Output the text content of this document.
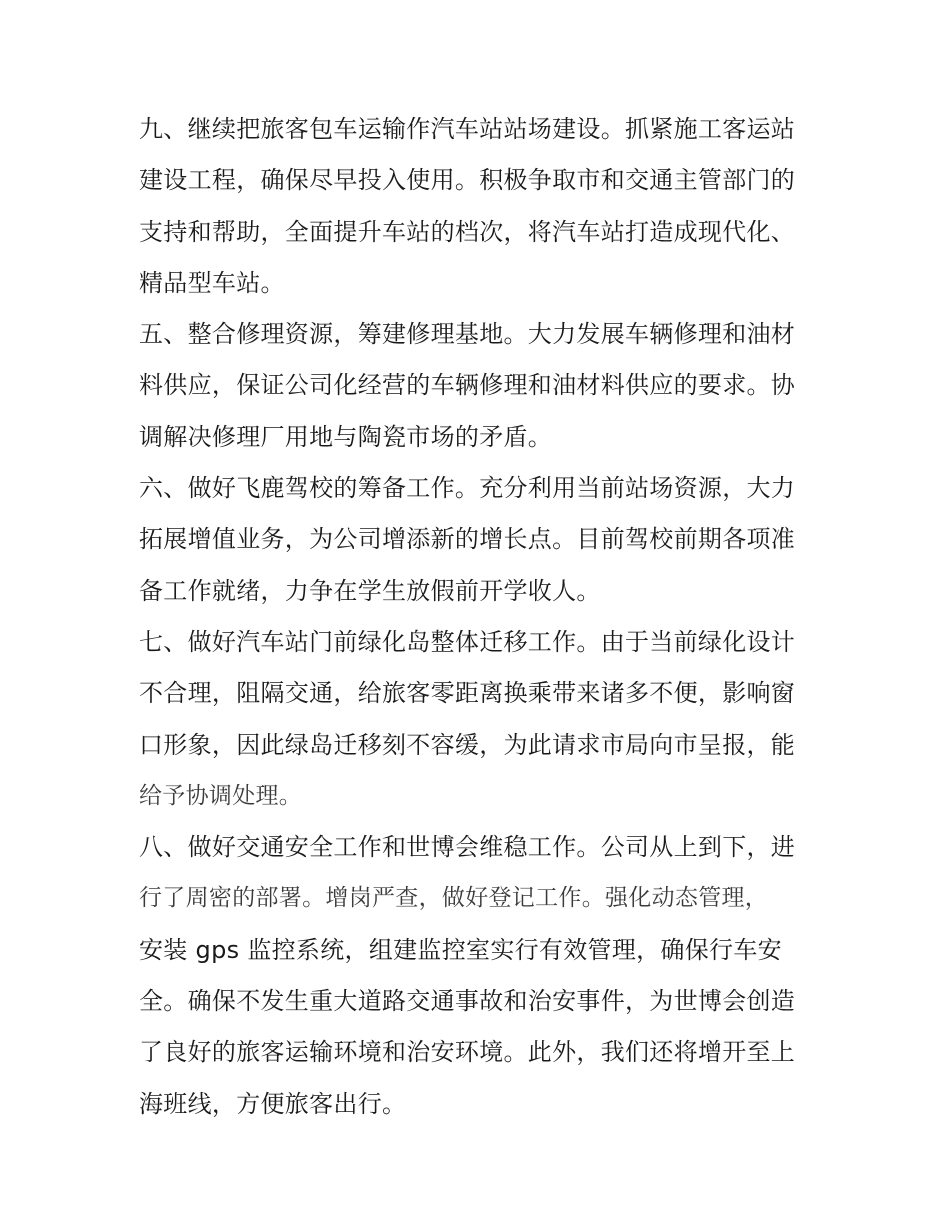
九、继续把旅客包车运输作汽车站站场建设。抓紧施工客运站
建设工程，确保尽早投入使用。积极争取市和交通主管部门的
支持和帮助，全面提升车站的档次，将汽车站打造成现代化、
精品型车站。
五、整合修理资源，筹建修理基地。大力发展车辆修理和油材
料供应，保证公司化经营的车辆修理和油材料供应的要求。协
调解决修理厂用地与陶瓷市场的矛盾。
六、做好飞鹿驾校的筹备工作。充分利用当前站场资源，大力
拓展增值业务，为公司增添新的增长点。目前驾校前期各项准
备工作就绪，力争在学生放假前开学收人。
七、做好汽车站门前绿化岛整体迁移工作。由于当前绿化设计
不合理，阻隔交通，给旅客零距离换乘带来诸多不便，影响窗
口形象，因此绿岛迁移刻不容缓，为此请求市局向市呈报，能
给予协调处理。
八、做好交通安全工作和世博会维稳工作。公司从上到下，进
行了周密的部署。增岗严查，做好登记工作。强化动态管理，
安装 gps 监控系统，组建监控室实行有效管理，确保行车安
全。确保不发生重大道路交通事故和治安事件，为世博会创造
了良好的旅客运输环境和治安环境。此外，我们还将增开至上
海班线，方便旅客出行。
